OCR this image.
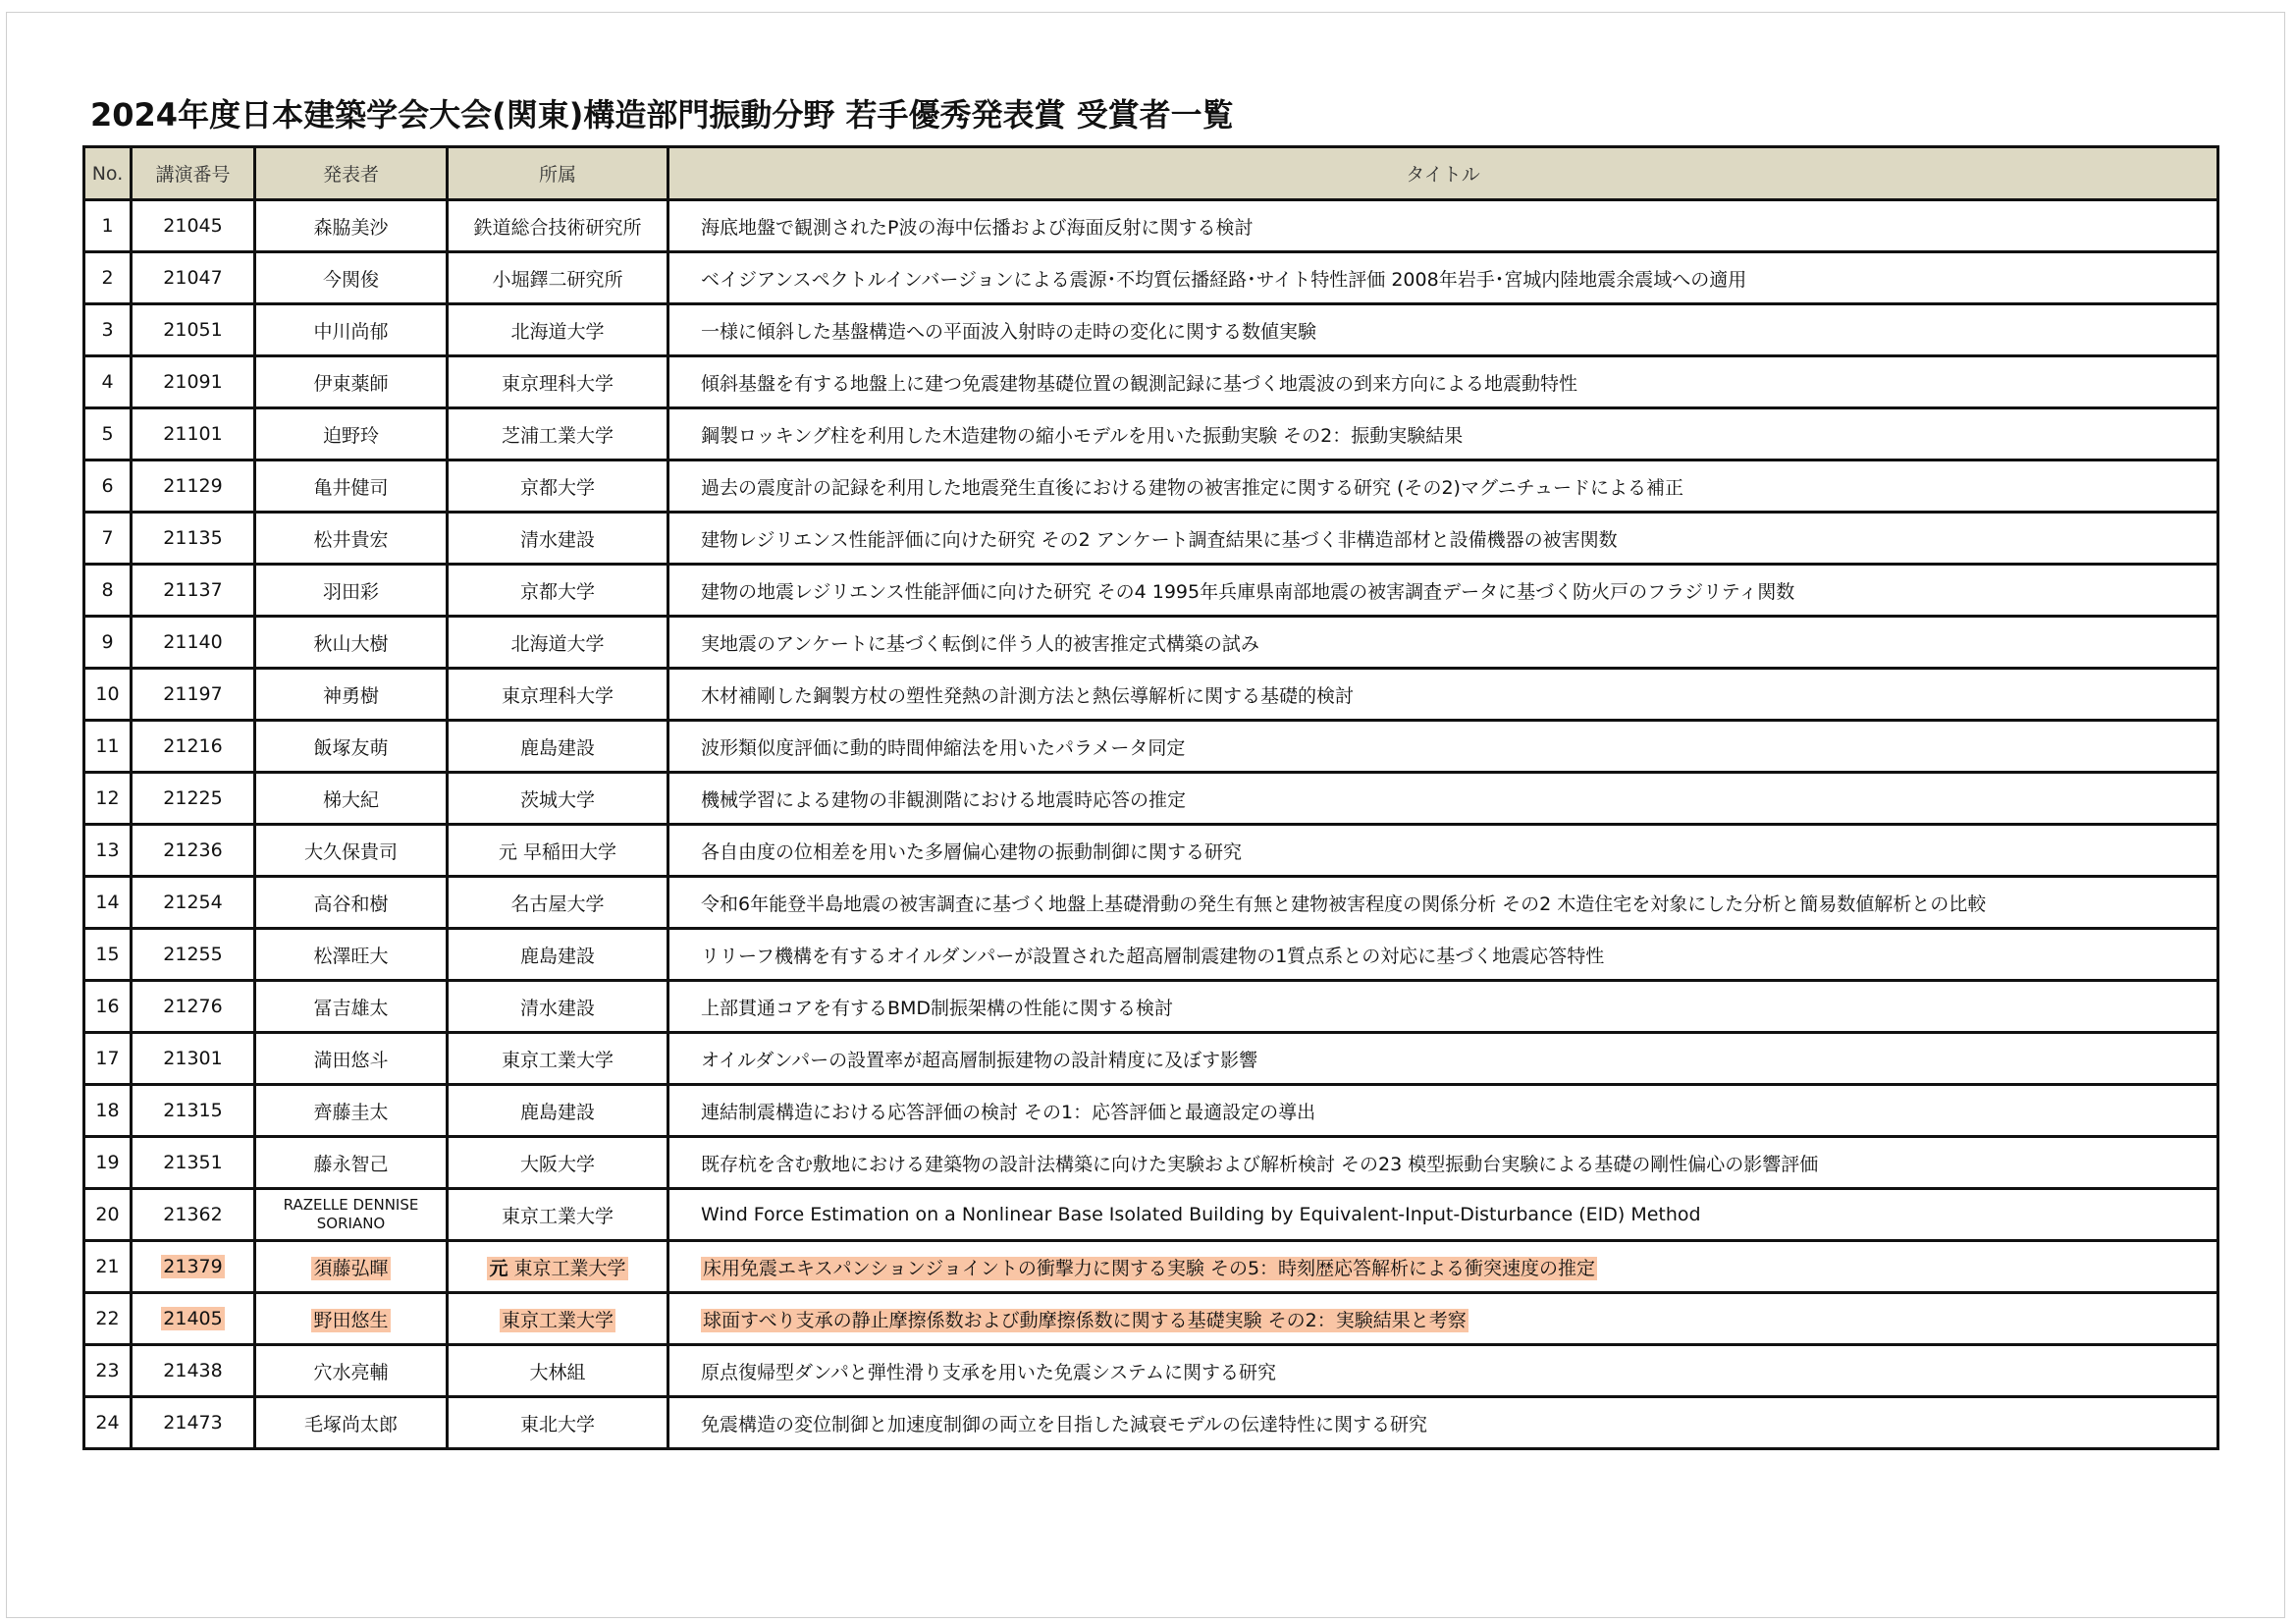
2024年度日本建築学会大会(関東)構造部門振動分野 若手優秀発表賞 受賞者一覧
No.	講演番号	発表者	所属	タイトル
1	21045	森脇美沙	鉄道総合技術研究所	海底地盤で観測されたP波の海中伝播および海面反射に関する検討
2	21047	今関俊	小堀鐸二研究所	ベイジアンスペクトルインバージョンによる震源･不均質伝播経路･サイト特性評価 2008年岩手･宮城内陸地震余震域への適用
3	21051	中川尚郁	北海道大学	一様に傾斜した基盤構造への平面波入射時の走時の変化に関する数値実験
4	21091	伊東薬師	東京理科大学	傾斜基盤を有する地盤上に建つ免震建物基礎位置の観測記録に基づく地震波の到来方向による地震動特性
5	21101	迫野玲	芝浦工業大学	鋼製ロッキング柱を利用した木造建物の縮小モデルを用いた振動実験 その2：振動実験結果
6	21129	亀井健司	京都大学	過去の震度計の記録を利用した地震発生直後における建物の被害推定に関する研究 (その2)マグニチュードによる補正
7	21135	松井貴宏	清水建設	建物レジリエンス性能評価に向けた研究 その2 アンケート調査結果に基づく非構造部材と設備機器の被害関数
8	21137	羽田彩	京都大学	建物の地震レジリエンス性能評価に向けた研究 その4 1995年兵庫県南部地震の被害調査データに基づく防火戸のフラジリティ関数
9	21140	秋山大樹	北海道大学	実地震のアンケートに基づく転倒に伴う人的被害推定式構築の試み
10	21197	神勇樹	東京理科大学	木材補剛した鋼製方杖の塑性発熱の計測方法と熱伝導解析に関する基礎的検討
11	21216	飯塚友萌	鹿島建設	波形類似度評価に動的時間伸縮法を用いたパラメータ同定
12	21225	梯大紀	茨城大学	機械学習による建物の非観測階における地震時応答の推定
13	21236	大久保貴司	元 早稲田大学	各自由度の位相差を用いた多層偏心建物の振動制御に関する研究
14	21254	高谷和樹	名古屋大学	令和6年能登半島地震の被害調査に基づく地盤上基礎滑動の発生有無と建物被害程度の関係分析 その2 木造住宅を対象にした分析と簡易数値解析との比較
15	21255	松澤旺大	鹿島建設	リリーフ機構を有するオイルダンパーが設置された超高層制震建物の1質点系との対応に基づく地震応答特性
16	21276	冨吉雄太	清水建設	上部貫通コアを有するBMD制振架構の性能に関する検討
17	21301	満田悠斗	東京工業大学	オイルダンパーの設置率が超高層制振建物の設計精度に及ぼす影響
18	21315	齊藤圭太	鹿島建設	連結制震構造における応答評価の検討 その1：応答評価と最適設定の導出
19	21351	藤永智己	大阪大学	既存杭を含む敷地における建築物の設計法構築に向けた実験および解析検討 その23 模型振動台実験による基礎の剛性偏心の影響評価
20	21362	RAZELLE DENNISE SORIANO	東京工業大学	Wind Force Estimation on a Nonlinear Base Isolated Building by Equivalent-Input-Disturbance (EID) Method
21	21379	須藤弘暉	元 東京工業大学	床用免震エキスパンションジョイントの衝撃力に関する実験 その5：時刻歴応答解析による衝突速度の推定
22	21405	野田悠生	東京工業大学	球面すべり支承の静止摩擦係数および動摩擦係数に関する基礎実験 その2：実験結果と考察
23	21438	穴水亮輔	大林組	原点復帰型ダンパと弾性滑り支承を用いた免震システムに関する研究
24	21473	毛塚尚太郎	東北大学	免震構造の変位制御と加速度制御の両立を目指した減衰モデルの伝達特性に関する研究
